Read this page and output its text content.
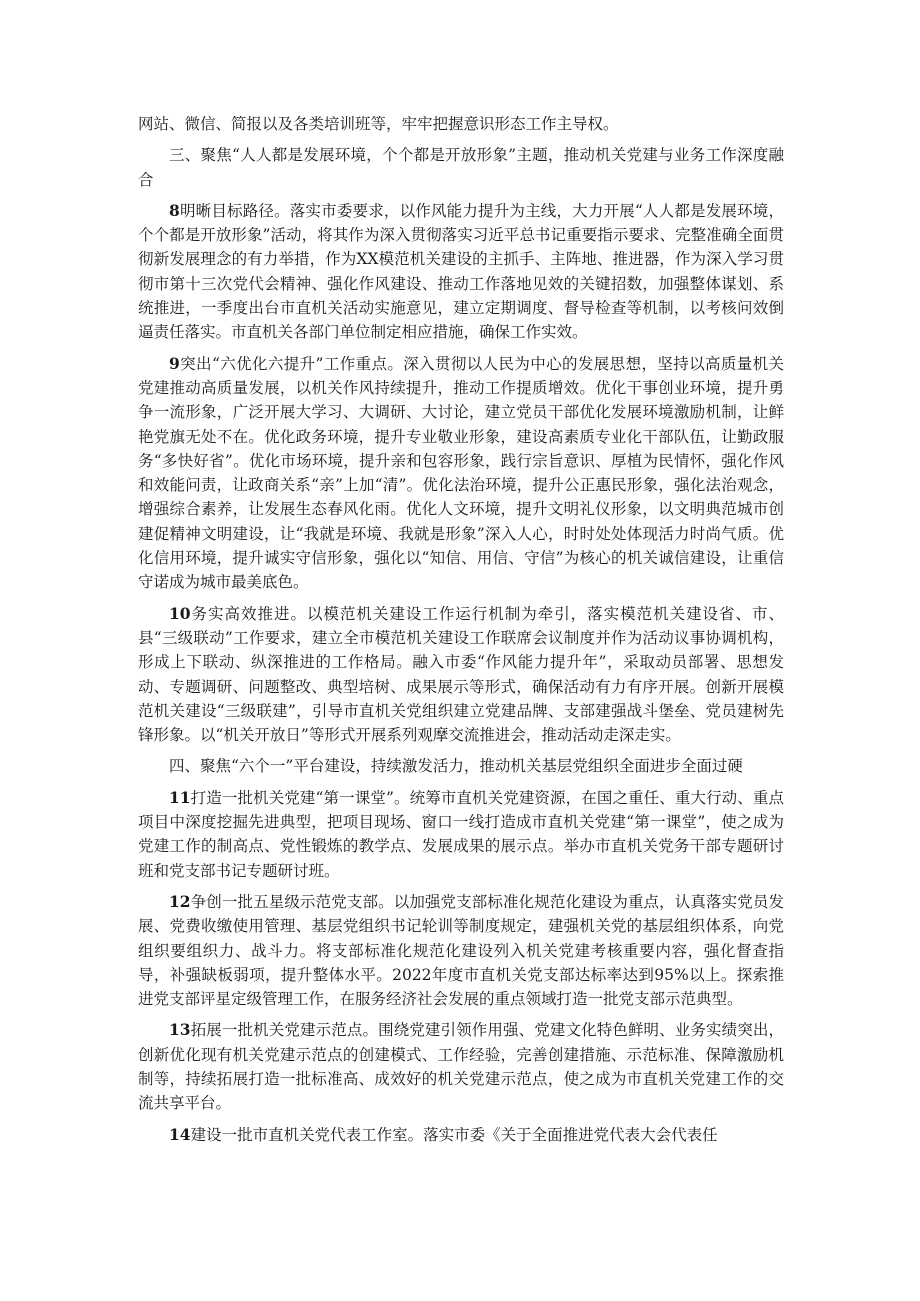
网站、微信、简报以及各类培训班等，牢牢把握意识形态工作主导权。

三、聚焦“人人都是发展环境，个个都是开放形象”主题，推动机关党建与业务工作深度融合

8明晰目标路径。落实市委要求，以作风能力提升为主线，大力开展“人人都是发展环境，个个都是开放形象”活动，将其作为深入贯彻落实习近平总书记重要指示要求、完整准确全面贯彻新发展理念的有力举措，作为XX模范机关建设的主抓手、主阵地、推进器，作为深入学习贯彻市第十三次党代会精神、强化作风建设、推动工作落地见效的关键招数，加强整体谋划、系统推进，一季度出台市直机关活动实施意见，建立定期调度、督导检查等机制，以考核问效倒逼责任落实。市直机关各部门单位制定相应措施，确保工作实效。

9突出“六优化六提升”工作重点。深入贯彻以人民为中心的发展思想，坚持以高质量机关党建推动高质量发展，以机关作风持续提升，推动工作提质增效。优化干事创业环境，提升勇争一流形象，广泛开展大学习、大调研、大讨论，建立党员干部优化发展环境激励机制，让鲜艳党旗无处不在。优化政务环境，提升专业敬业形象，建设高素质专业化干部队伍，让勤政服务“多快好省”。优化市场环境，提升亲和包容形象，践行宗旨意识、厚植为民情怀，强化作风和效能问责，让政商关系“亲”上加“清”。优化法治环境，提升公正惠民形象，强化法治观念，增强综合素养，让发展生态春风化雨。优化人文环境，提升文明礼仪形象，以文明典范城市创建促精神文明建设，让“我就是环境、我就是形象”深入人心，时时处处体现活力时尚气质。优化信用环境，提升诚实守信形象，强化以“知信、用信、守信”为核心的机关诚信建设，让重信守诺成为城市最美底色。

10务实高效推进。以模范机关建设工作运行机制为牵引，落实模范机关建设省、市、县“三级联动”工作要求，建立全市模范机关建设工作联席会议制度并作为活动议事协调机构，形成上下联动、纵深推进的工作格局。融入市委“作风能力提升年”，采取动员部署、思想发动、专题调研、问题整改、典型培树、成果展示等形式，确保活动有力有序开展。创新开展模范机关建设“三级联建”，引导市直机关党组织建立党建品牌、支部建强战斗堡垒、党员建树先锋形象。以“机关开放日”等形式开展系列观摩交流推进会，推动活动走深走实。

四、聚焦“六个一”平台建设，持续激发活力，推动机关基层党组织全面进步全面过硬

11打造一批机关党建“第一课堂”。统筹市直机关党建资源，在国之重任、重大行动、重点项目中深度挖掘先进典型，把项目现场、窗口一线打造成市直机关党建“第一课堂”，使之成为党建工作的制高点、党性锻炼的教学点、发展成果的展示点。举办市直机关党务干部专题研讨班和党支部书记专题研讨班。

12争创一批五星级示范党支部。以加强党支部标准化规范化建设为重点，认真落实党员发展、党费收缴使用管理、基层党组织书记轮训等制度规定，建强机关党的基层组织体系，向党组织要组织力、战斗力。将支部标准化规范化建设列入机关党建考核重要内容，强化督查指导，补强缺板弱项，提升整体水平。2022年度市直机关党支部达标率达到95%以上。探索推进党支部评星定级管理工作，在服务经济社会发展的重点领域打造一批党支部示范典型。

13拓展一批机关党建示范点。围绕党建引领作用强、党建文化特色鲜明、业务实绩突出，创新优化现有机关党建示范点的创建模式、工作经验，完善创建措施、示范标准、保障激励机制等，持续拓展打造一批标准高、成效好的机关党建示范点，使之成为市直机关党建工作的交流共享平台。

14建设一批市直机关党代表工作室。落实市委《关于全面推进党代表大会代表任
